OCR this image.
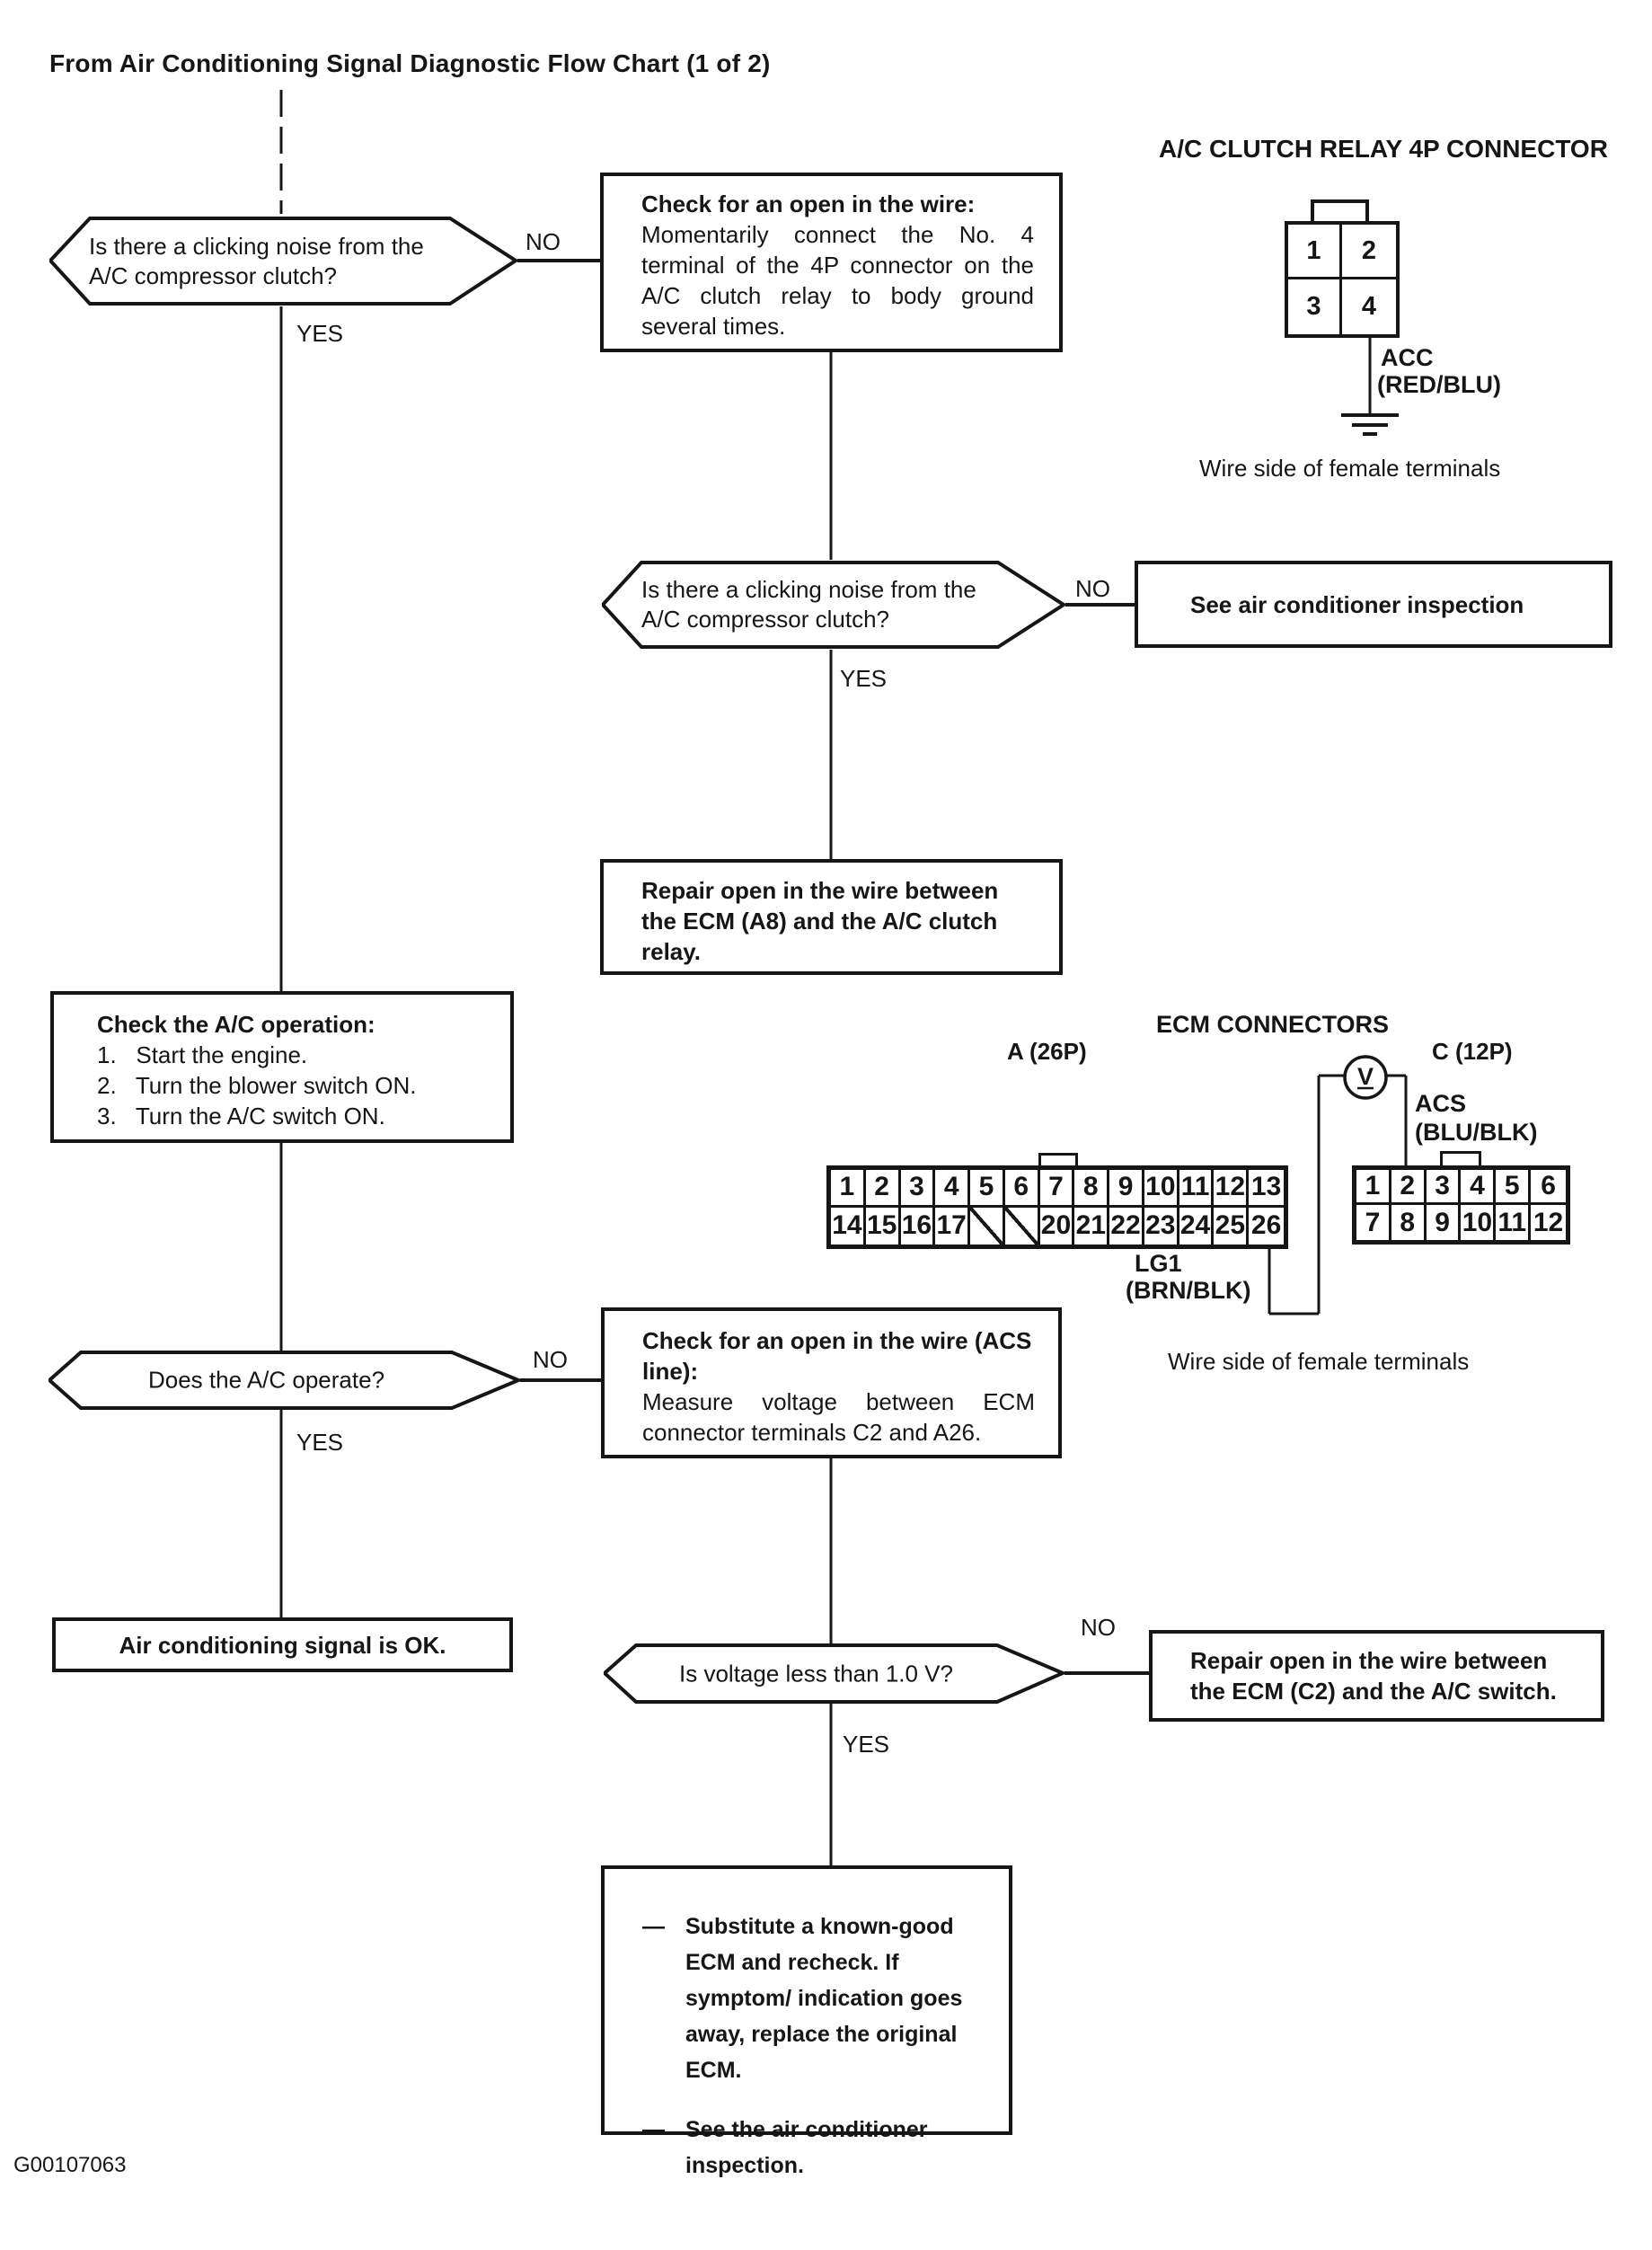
V
From Air Conditioning Signal Diagnostic Flow Chart (1 of 2)
Is there a clicking noise from the A/C compressor clutch?
NO
YES
Check for an open in the wire:

Momentarily connect the No. 4 terminal of the 4P connector on the A/C clutch relay to body ground several times.

Is there a clicking noise from the A/C compressor clutch?
NO
YES
See air conditioner inspection
Repair open in the wire between the ECM (A8) and the A/C clutch relay.
Check the A/C operation:
1. Start the engine.
2. Turn the blower switch ON.
3. Turn the A/C switch ON.
Does the A/C operate?
NO
YES
Check for an open in the wire (ACS line):

Measure voltage between ECM connector terminals C2 and A26.

Air conditioning signal is OK.
Is voltage less than 1.0 V?
NO
YES
Repair open in the wire between the ECM (C2) and the A/C switch.
— Substitute a known-good ECM and recheck. If symptom/ indication goes away, replace the original ECM.
— See the air conditioner inspection.
A/C CLUTCH RELAY 4P CONNECTOR
1	2
3	4
ACC
(RED/BLU)
Wire side of female terminals
ECM CONNECTORS
A (26P)	C (12P)
ACS
(BLU/BLK)
1 2 3 4 5 6 7 8 9 10 11 12 13
14 15 16 17	20 21 22 23 24 25 26
1 2 3 4 5 6
7 8 9 10 11 12
LG1
(BRN/BLK)
Wire side of female terminals
G00107063
